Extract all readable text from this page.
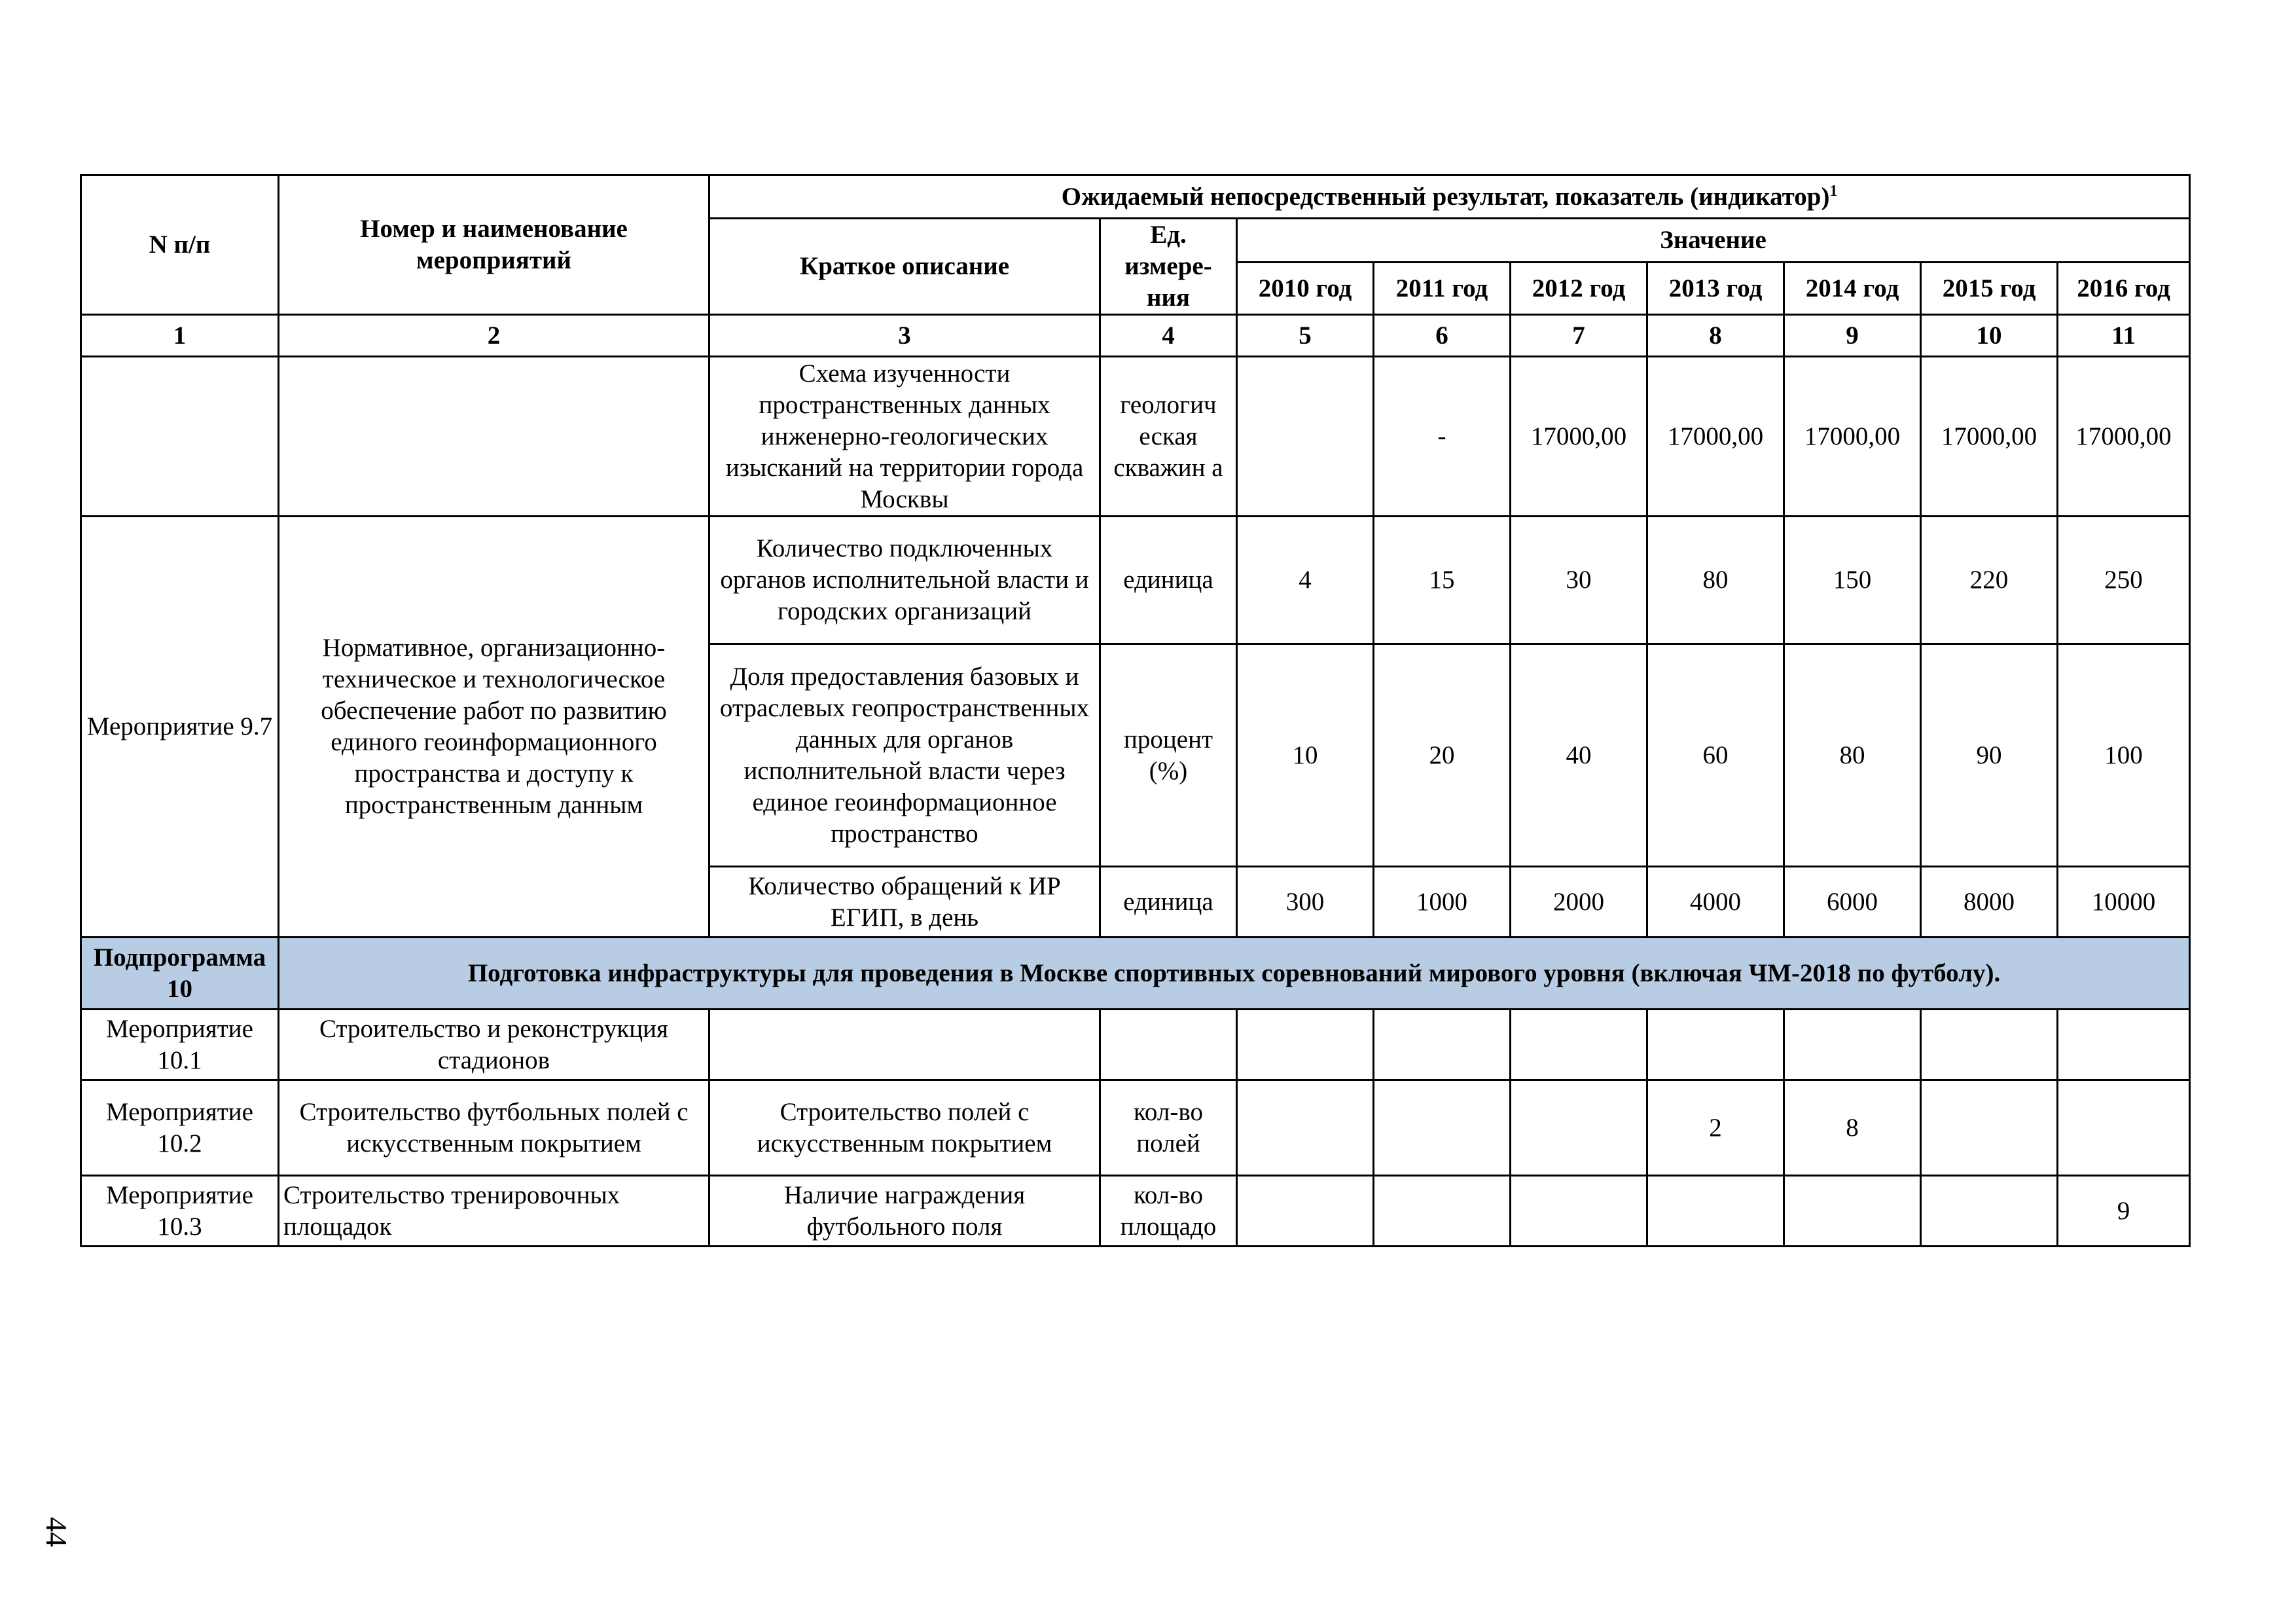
N п/п	Номер и наименование мероприятий	Ожидаемый непосредственный результат, показатель (индикатор)$^1$
		Краткое описание	Ед. измере-ния	Значение						
				2010 год	2011 год	2012 год	2013 год	2014 год	2015 год	2016 год
1	2	3	4	5	6	7	8	9	10	11
		Схема изученности пространственных данных инженерно-геологических изысканий на территории города Москвы	геологич еская скважин а		-	17000,00	17000,00	17000,00	17000,00	17000,00
Мероприятие 9.7	Нормативное, организационно-техническое и технологическое обеспечение работ по развитию единого геоинформационного пространства и доступу к пространственным данным	Количество подключенных органов исполнительной власти и городских организаций	единица	4	15	30	80	150	220	250
		Доля предоставления базовых и отраслевых геопространственных данных для органов исполнительной власти через единое геоинформационное пространство	процент (%)	10	20	40	60	80	90	100
		Количество обращений к ИР ЕГИП, в день	единица	300	1000	2000	4000	6000	8000	10000
Подпрограмма 10	Подготовка инфраструктуры для проведения в Москве спортивных соревнований мирового уровня (включая ЧМ-2018 по футболу).									
Мероприятие 10.1	Строительство и реконструкция стадионов									
Мероприятие 10.2	Строительство футбольных полей с искусственным покрытием	Строительство полей с искусственным покрытием	кол-во полей				2	8		
Мероприятие 10.3	Строительство тренировочных площадок	Наличие награждения футбольного поля	кол-во площадо							9
44
